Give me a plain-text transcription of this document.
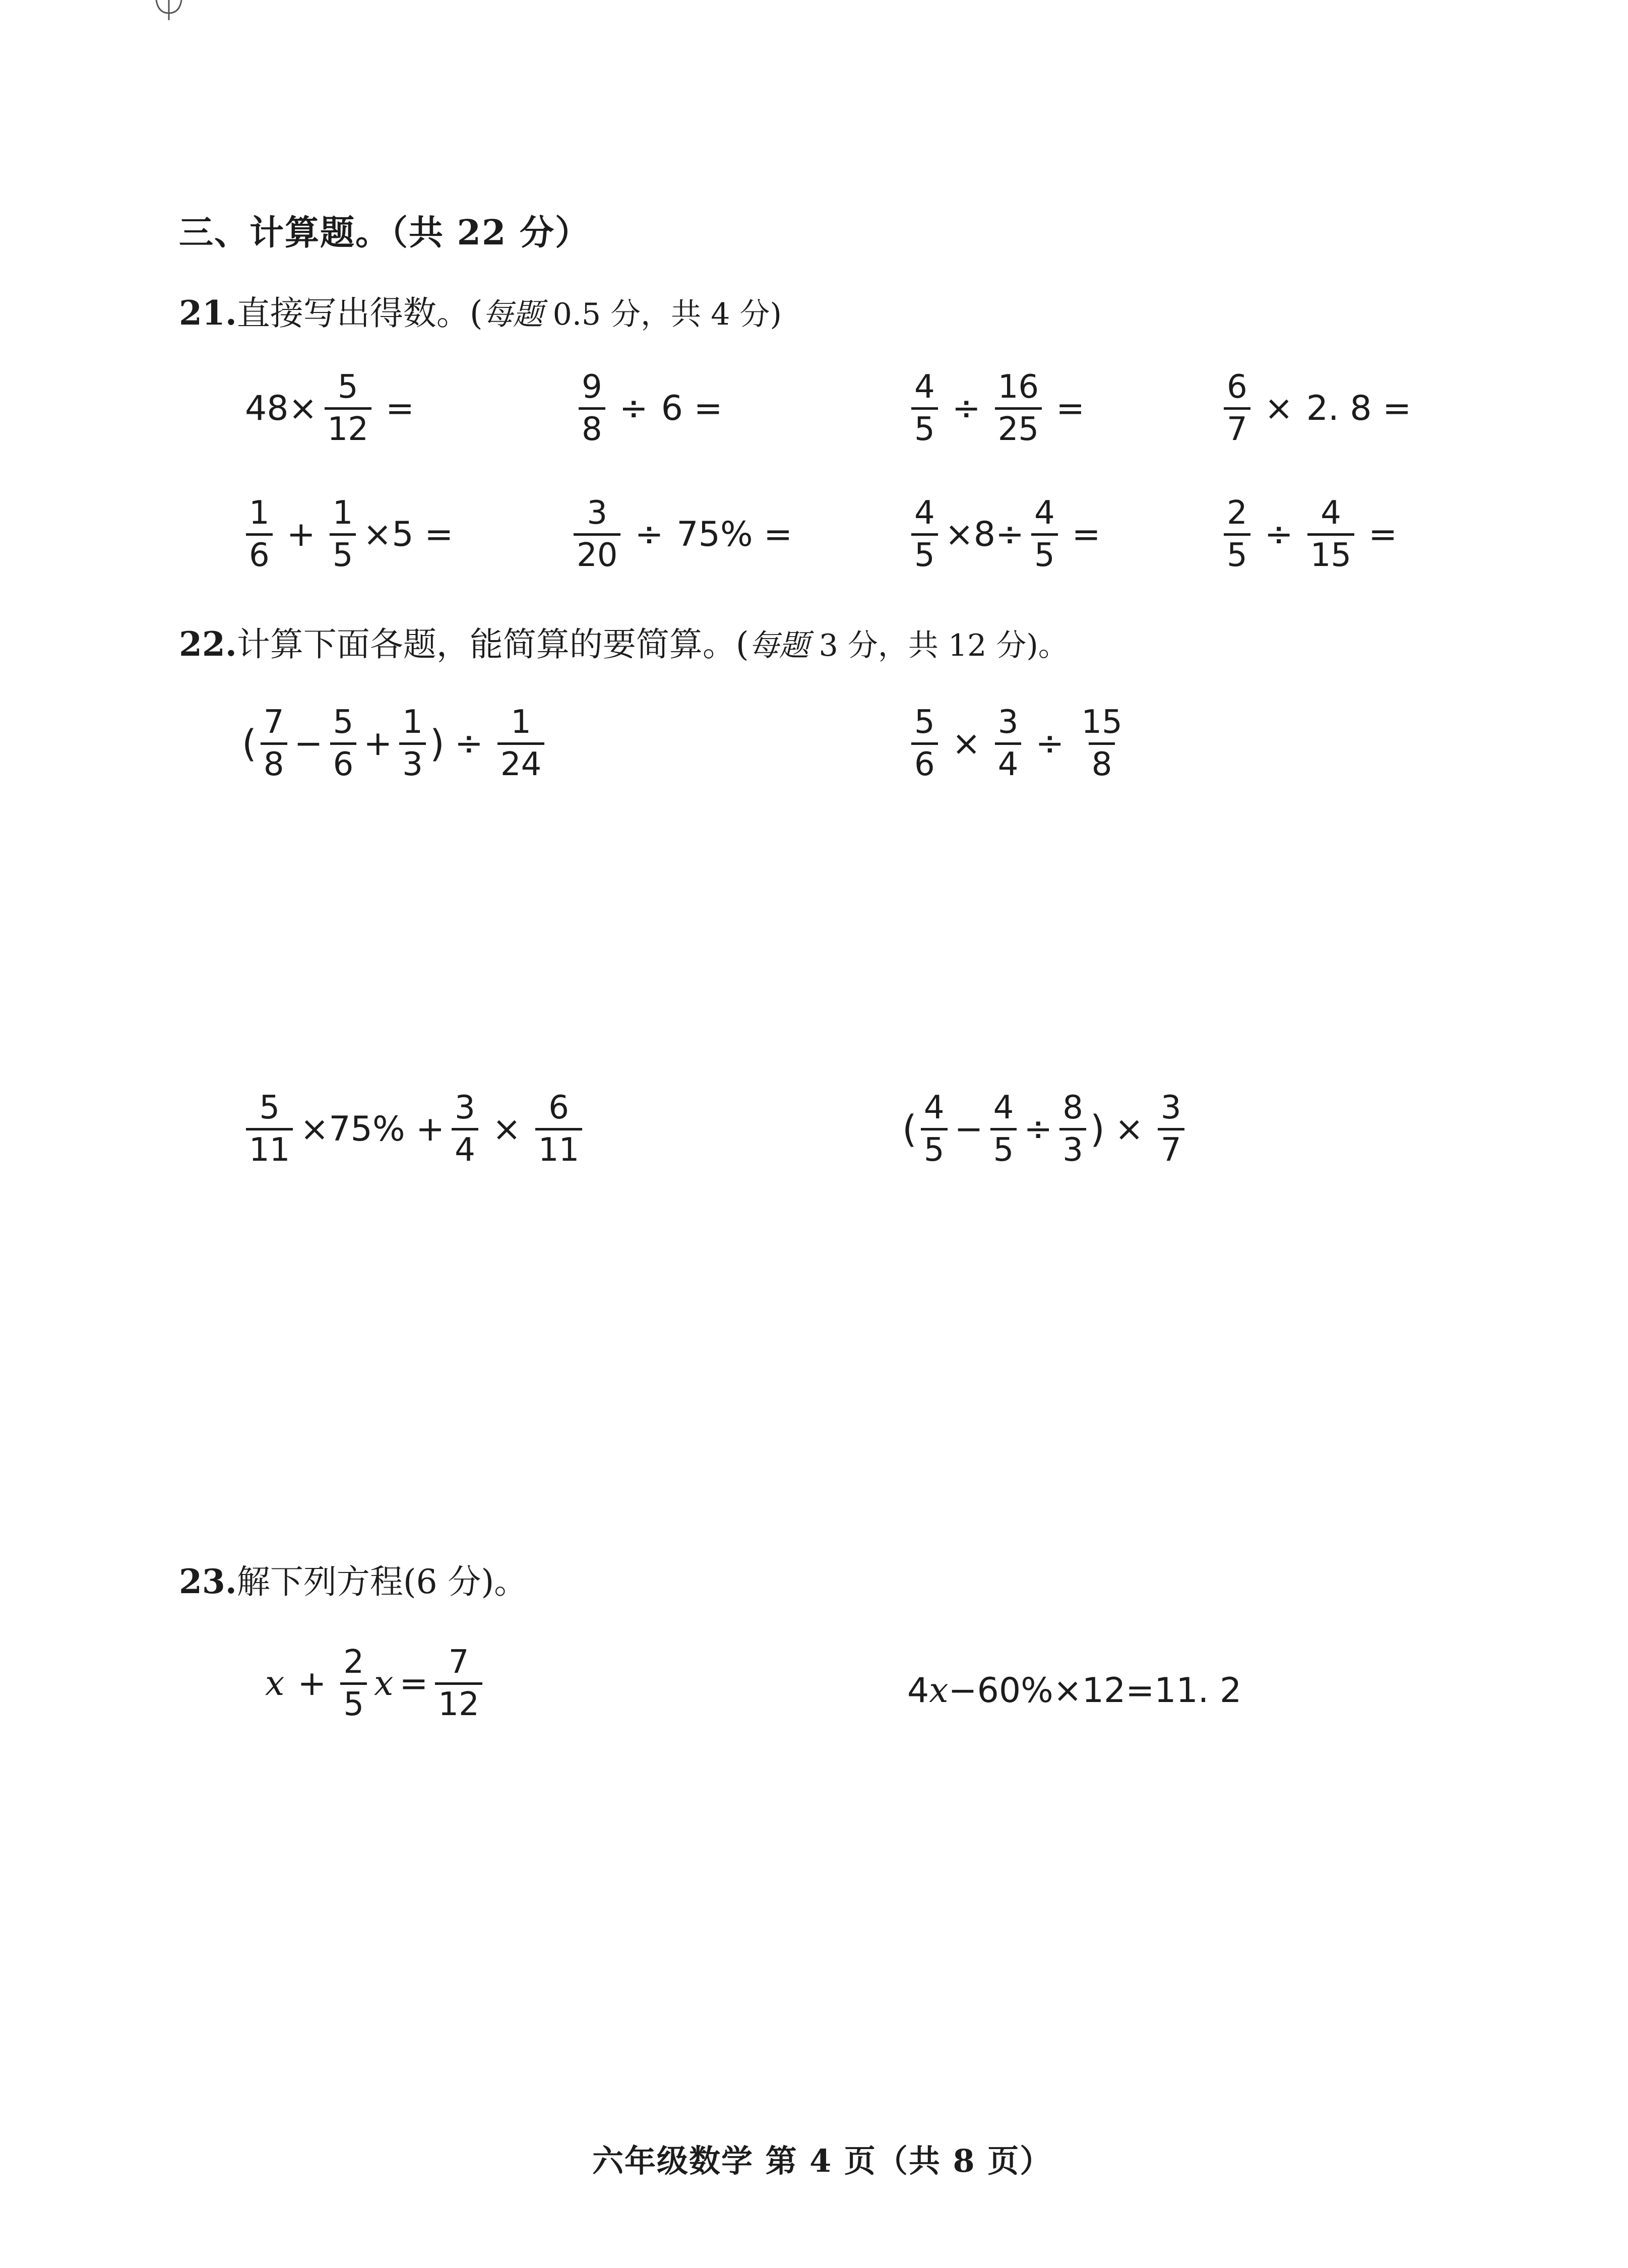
三、计算题。（共 22 分）
21.直接写出得数。(每题 0.5 分，共 4 分)
$48\times \frac{5}{12}$ =	$\frac{9}{8} \div 6$ =	$\frac{4}{5} \div \frac{16}{25}$ =	$\frac{6}{7} \times 2$. 8 =
$\frac{1}{6} + \frac{1}{5} \times 5$ =	$\frac{3}{20} \div 75\%$ =	$\frac{4}{5} \times 8\div \frac{4}{5}$ =	$\frac{2}{5} \div \frac{4}{15}$ =
22.计算下面各题，能简算的要简算。(每题 3 分，共 12 分)。
( $\frac{7}{8} - \frac{5}{6} + \frac{1}{3}$ ) ÷ $\frac{1}{24}$	$\frac{5}{6} \times \frac{3}{4} \div \frac{15}{8}$
$\frac{5}{11} \times 75\% + \frac{3}{4} \times \frac{6}{11}$	( $\frac{4}{5} - \frac{4}{5} \div \frac{8}{3}$ ) × $\frac{3}{7}$
23.解下列方程(6 分)。
$x + \frac{2}{5}$ $x = \frac{7}{12}$	4 x −60%×12=11. 2
六年级数学 第 4 页（共 8 页）
